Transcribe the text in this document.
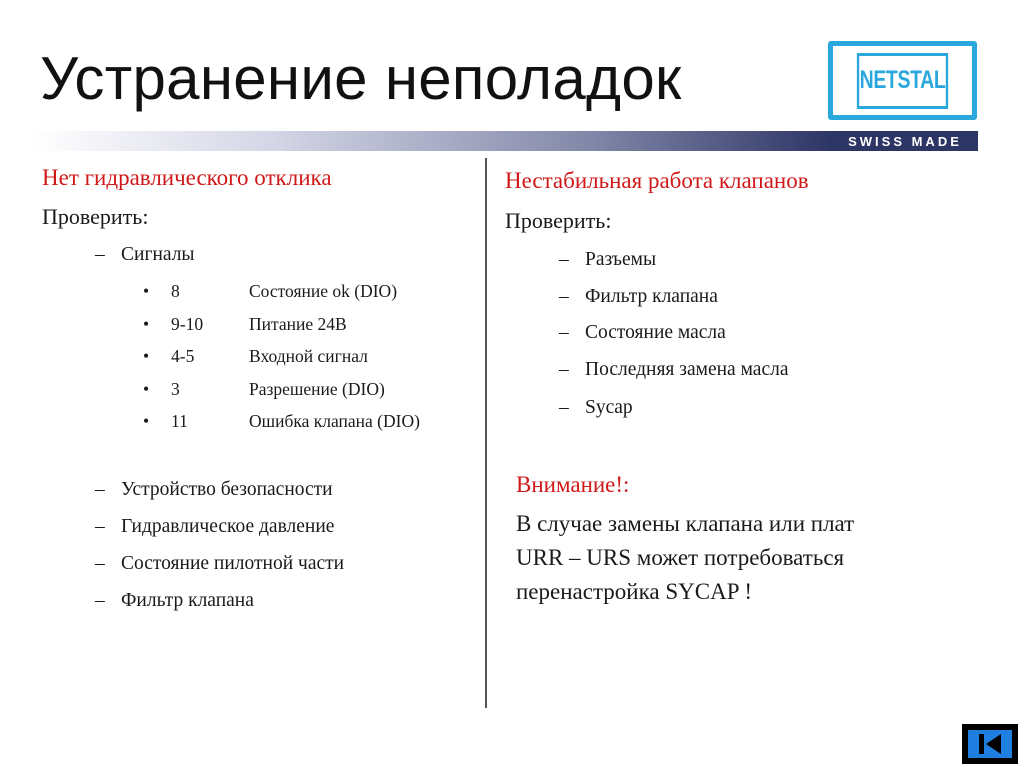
Устранение неполадок	NETSTAL
SWISS MADE
Нет гидравлического отклика
Проверить:
– Сигналы
• 8	Состояние ok (DIO)
• 9-10	Питание 24В
• 4-5	Входной сигнал
• 3	Разрешение (DIO)
• 11	Ошибка клапана (DIO)
– Устройство безопасности
– Гидравлическое давление
– Состояние пилотной части
– Фильтр клапана
Нестабильная работа клапанов
Проверить:
– Разъемы
– Фильтр клапана
– Состояние масла
– Последняя замена масла
– Sycap
Внимание!:
В случае замены клапана или плат
URR – URS может потребоваться
перенастройка SYCAP !
